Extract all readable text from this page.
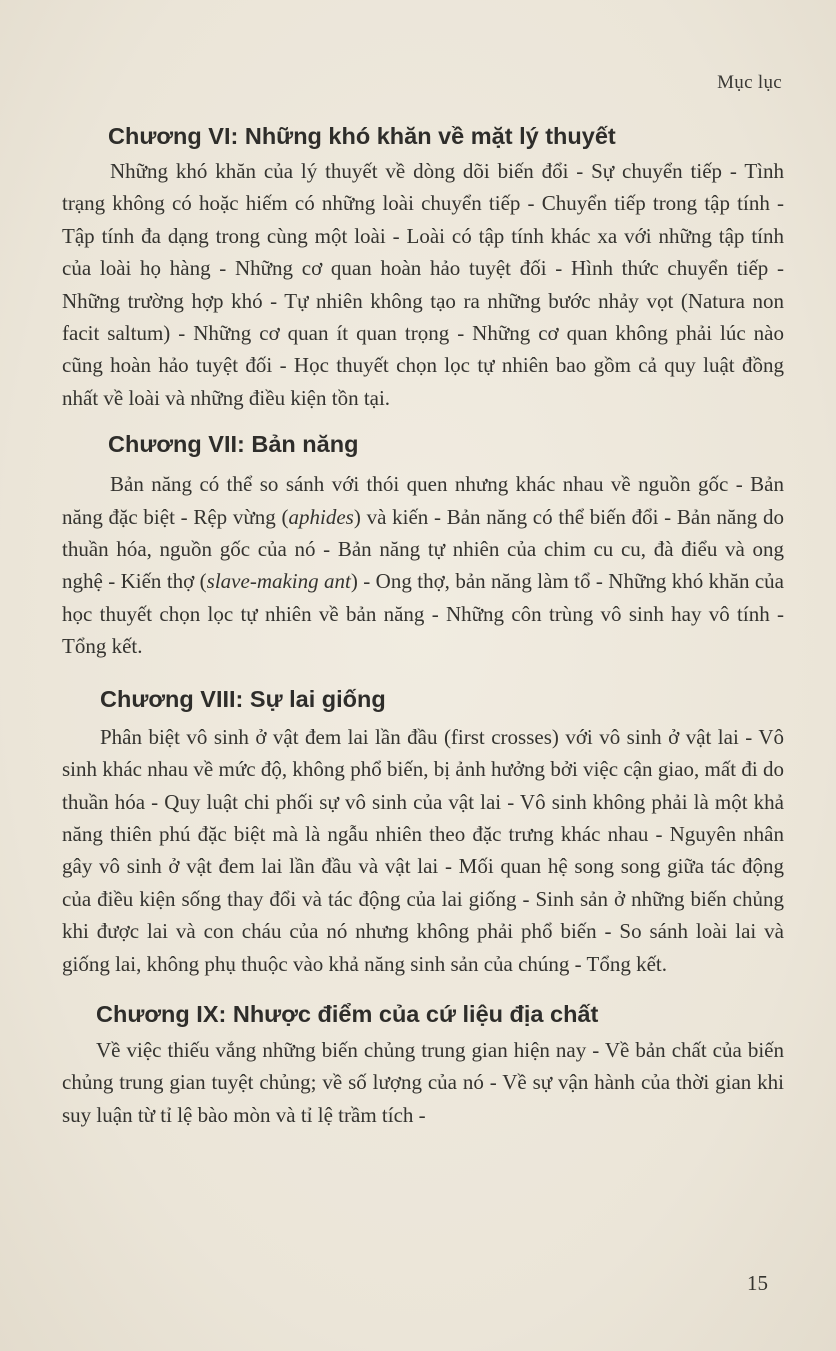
Mục lục
Chương VI: Những khó khăn về mặt lý thuyết

Những khó khăn của lý thuyết về dòng dõi biến đổi - Sự chuyển tiếp - Tình trạng không có hoặc hiếm có những loài chuyển tiếp - Chuyển tiếp trong tập tính - Tập tính đa dạng trong cùng một loài - Loài có tập tính khác xa với những tập tính của loài họ hàng - Những cơ quan hoàn hảo tuyệt đối - Hình thức chuyển tiếp - Những trường hợp khó - Tự nhiên không tạo ra những bước nhảy vọt (Natura non facit saltum) - Những cơ quan ít quan trọng - Những cơ quan không phải lúc nào cũng hoàn hảo tuyệt đối - Học thuyết chọn lọc tự nhiên bao gồm cả quy luật đồng nhất về loài và những điều kiện tồn tại.

Chương VII: Bản năng

Bản năng có thể so sánh với thói quen nhưng khác nhau về nguồn gốc - Bản năng đặc biệt - Rệp vừng (aphides) và kiến - Bản năng có thể biến đổi - Bản năng do thuần hóa, nguồn gốc của nó - Bản năng tự nhiên của chim cu cu, đà điểu và ong nghệ - Kiến thợ (slave-making ant) - Ong thợ, bản năng làm tổ - Những khó khăn của học thuyết chọn lọc tự nhiên về bản năng - Những côn trùng vô sinh hay vô tính - Tổng kết.

Chương VIII: Sự lai giống

Phân biệt vô sinh ở vật đem lai lần đầu (first crosses) với vô sinh ở vật lai - Vô sinh khác nhau về mức độ, không phổ biến, bị ảnh hưởng bởi việc cận giao, mất đi do thuần hóa - Quy luật chi phối sự vô sinh của vật lai - Vô sinh không phải là một khả năng thiên phú đặc biệt mà là ngẫu nhiên theo đặc trưng khác nhau - Nguyên nhân gây vô sinh ở vật đem lai lần đầu và vật lai - Mối quan hệ song song giữa tác động của điều kiện sống thay đổi và tác động của lai giống - Sinh sản ở những biến chủng khi được lai và con cháu của nó nhưng không phải phổ biến - So sánh loài lai và giống lai, không phụ thuộc vào khả năng sinh sản của chúng - Tổng kết.

Chương IX: Nhược điểm của cứ liệu địa chất

Về việc thiếu vắng những biến chủng trung gian hiện nay - Về bản chất của biến chủng trung gian tuyệt chủng; về số lượng của nó - Về sự vận hành của thời gian khi suy luận từ tỉ lệ bào mòn và tỉ lệ trầm tích -

15
